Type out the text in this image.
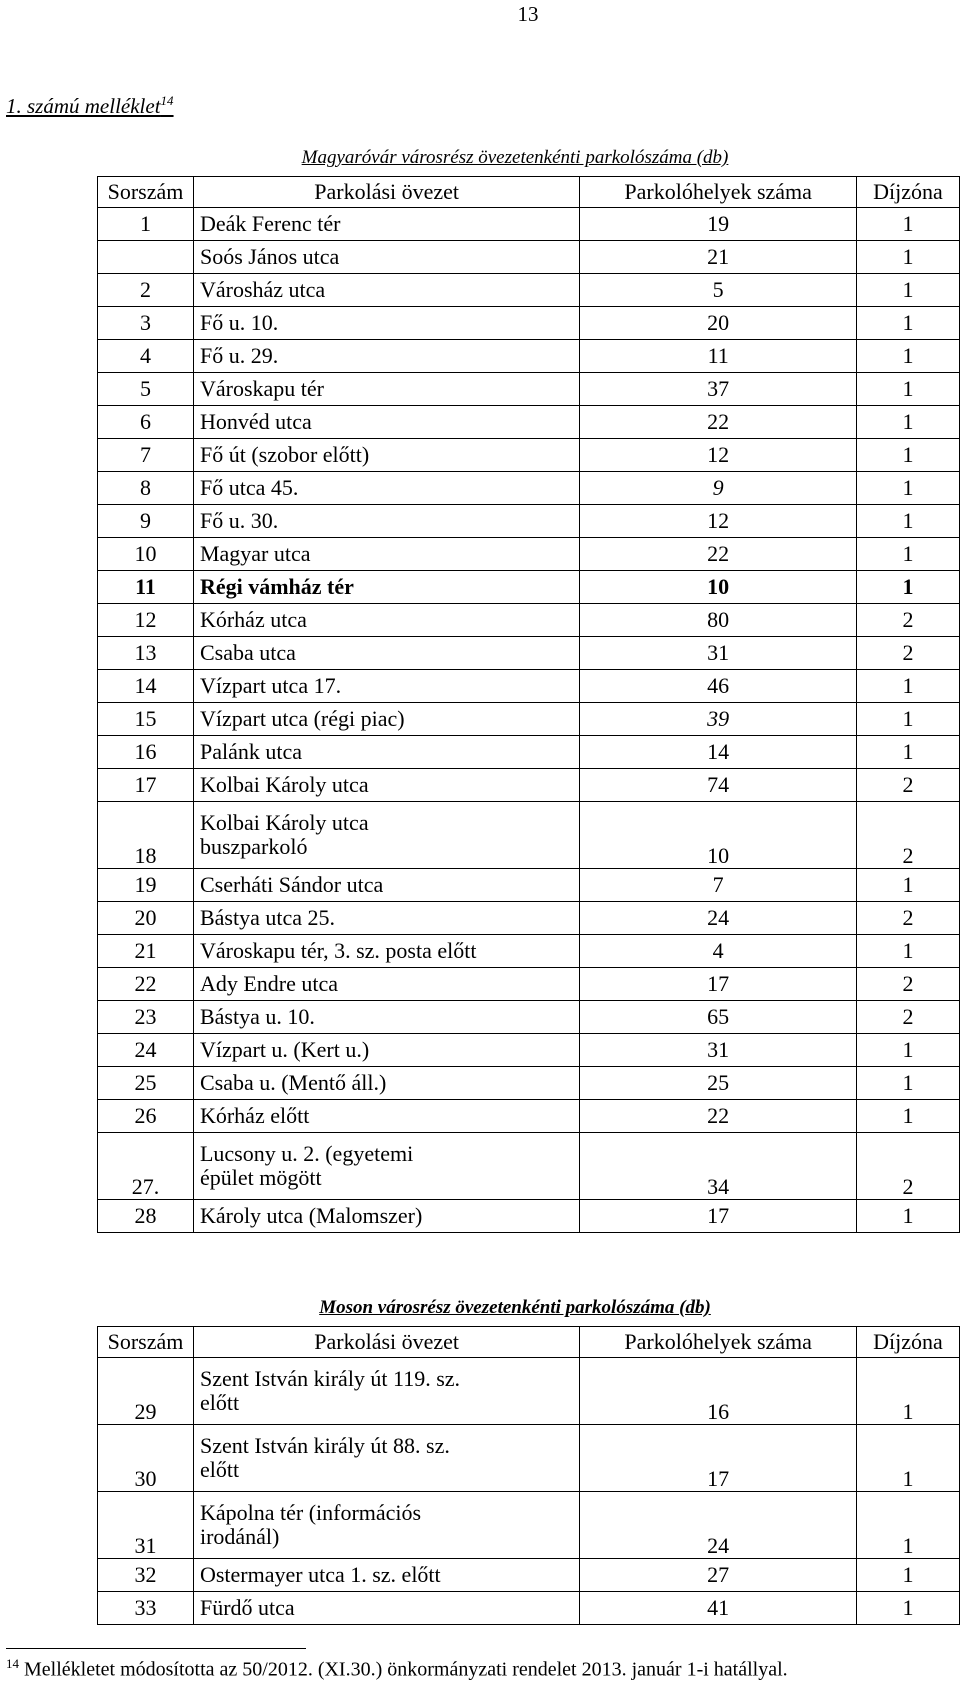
13
1. számú melléklet$^{14}$
Magyaróvár városrész övezetenkénti parkolószáma (db)
Sorszám	Parkolási övezet	Parkolóhelyek száma	Díjzóna
1	Deák Ferenc tér	19	1
	Soós János utca	21	1
2	Városház utca	5	1
3	Fő u. 10.	20	1
4	Fő u. 29.	11	1
5	Városkapu tér	37	1
6	Honvéd utca	22	1
7	Fő út (szobor előtt)	12	1
8	Fő utca 45.	9	1
9	Fő u. 30.	12	1
10	Magyar utca	22	1
11	Régi vámház tér	10	1
12	Kórház utca	80	2
13	Csaba utca	31	2
14	Vízpart utca 17.	46	1
15	Vízpart utca (régi piac)	39	1
16	Palánk utca	14	1
17	Kolbai Károly utca	74	2
18	Kolbai Károly utca
buszparkoló	10	2
19	Cserháti Sándor utca	7	1
20	Bástya utca 25.	24	2
21	Városkapu tér, 3. sz. posta előtt	4	1
22	Ady Endre utca	17	2
23	Bástya u. 10.	65	2
24	Vízpart u. (Kert u.)	31	1
25	Csaba u. (Mentő áll.)	25	1
26	Kórház előtt	22	1
27.	Lucsony u. 2. (egyetemi
épület mögött	34	2
28	Károly utca (Malomszer)	17	1
Moson városrész övezetenkénti parkolószáma (db)
Sorszám	Parkolási övezet	Parkolóhelyek száma	Díjzóna
29	Szent István király út 119. sz.
előtt	16	1
30	Szent István király út 88. sz.
előtt	17	1
31	Kápolna tér (információs
irodánál)	24	1
32	Ostermayer utca 1. sz. előtt	27	1
33	Fürdő utca	41	1
$^{14}$ Mellékletet módosította az 50/2012. (XI.30.) önkormányzati rendelet 2013. január 1-i hatállyal.
